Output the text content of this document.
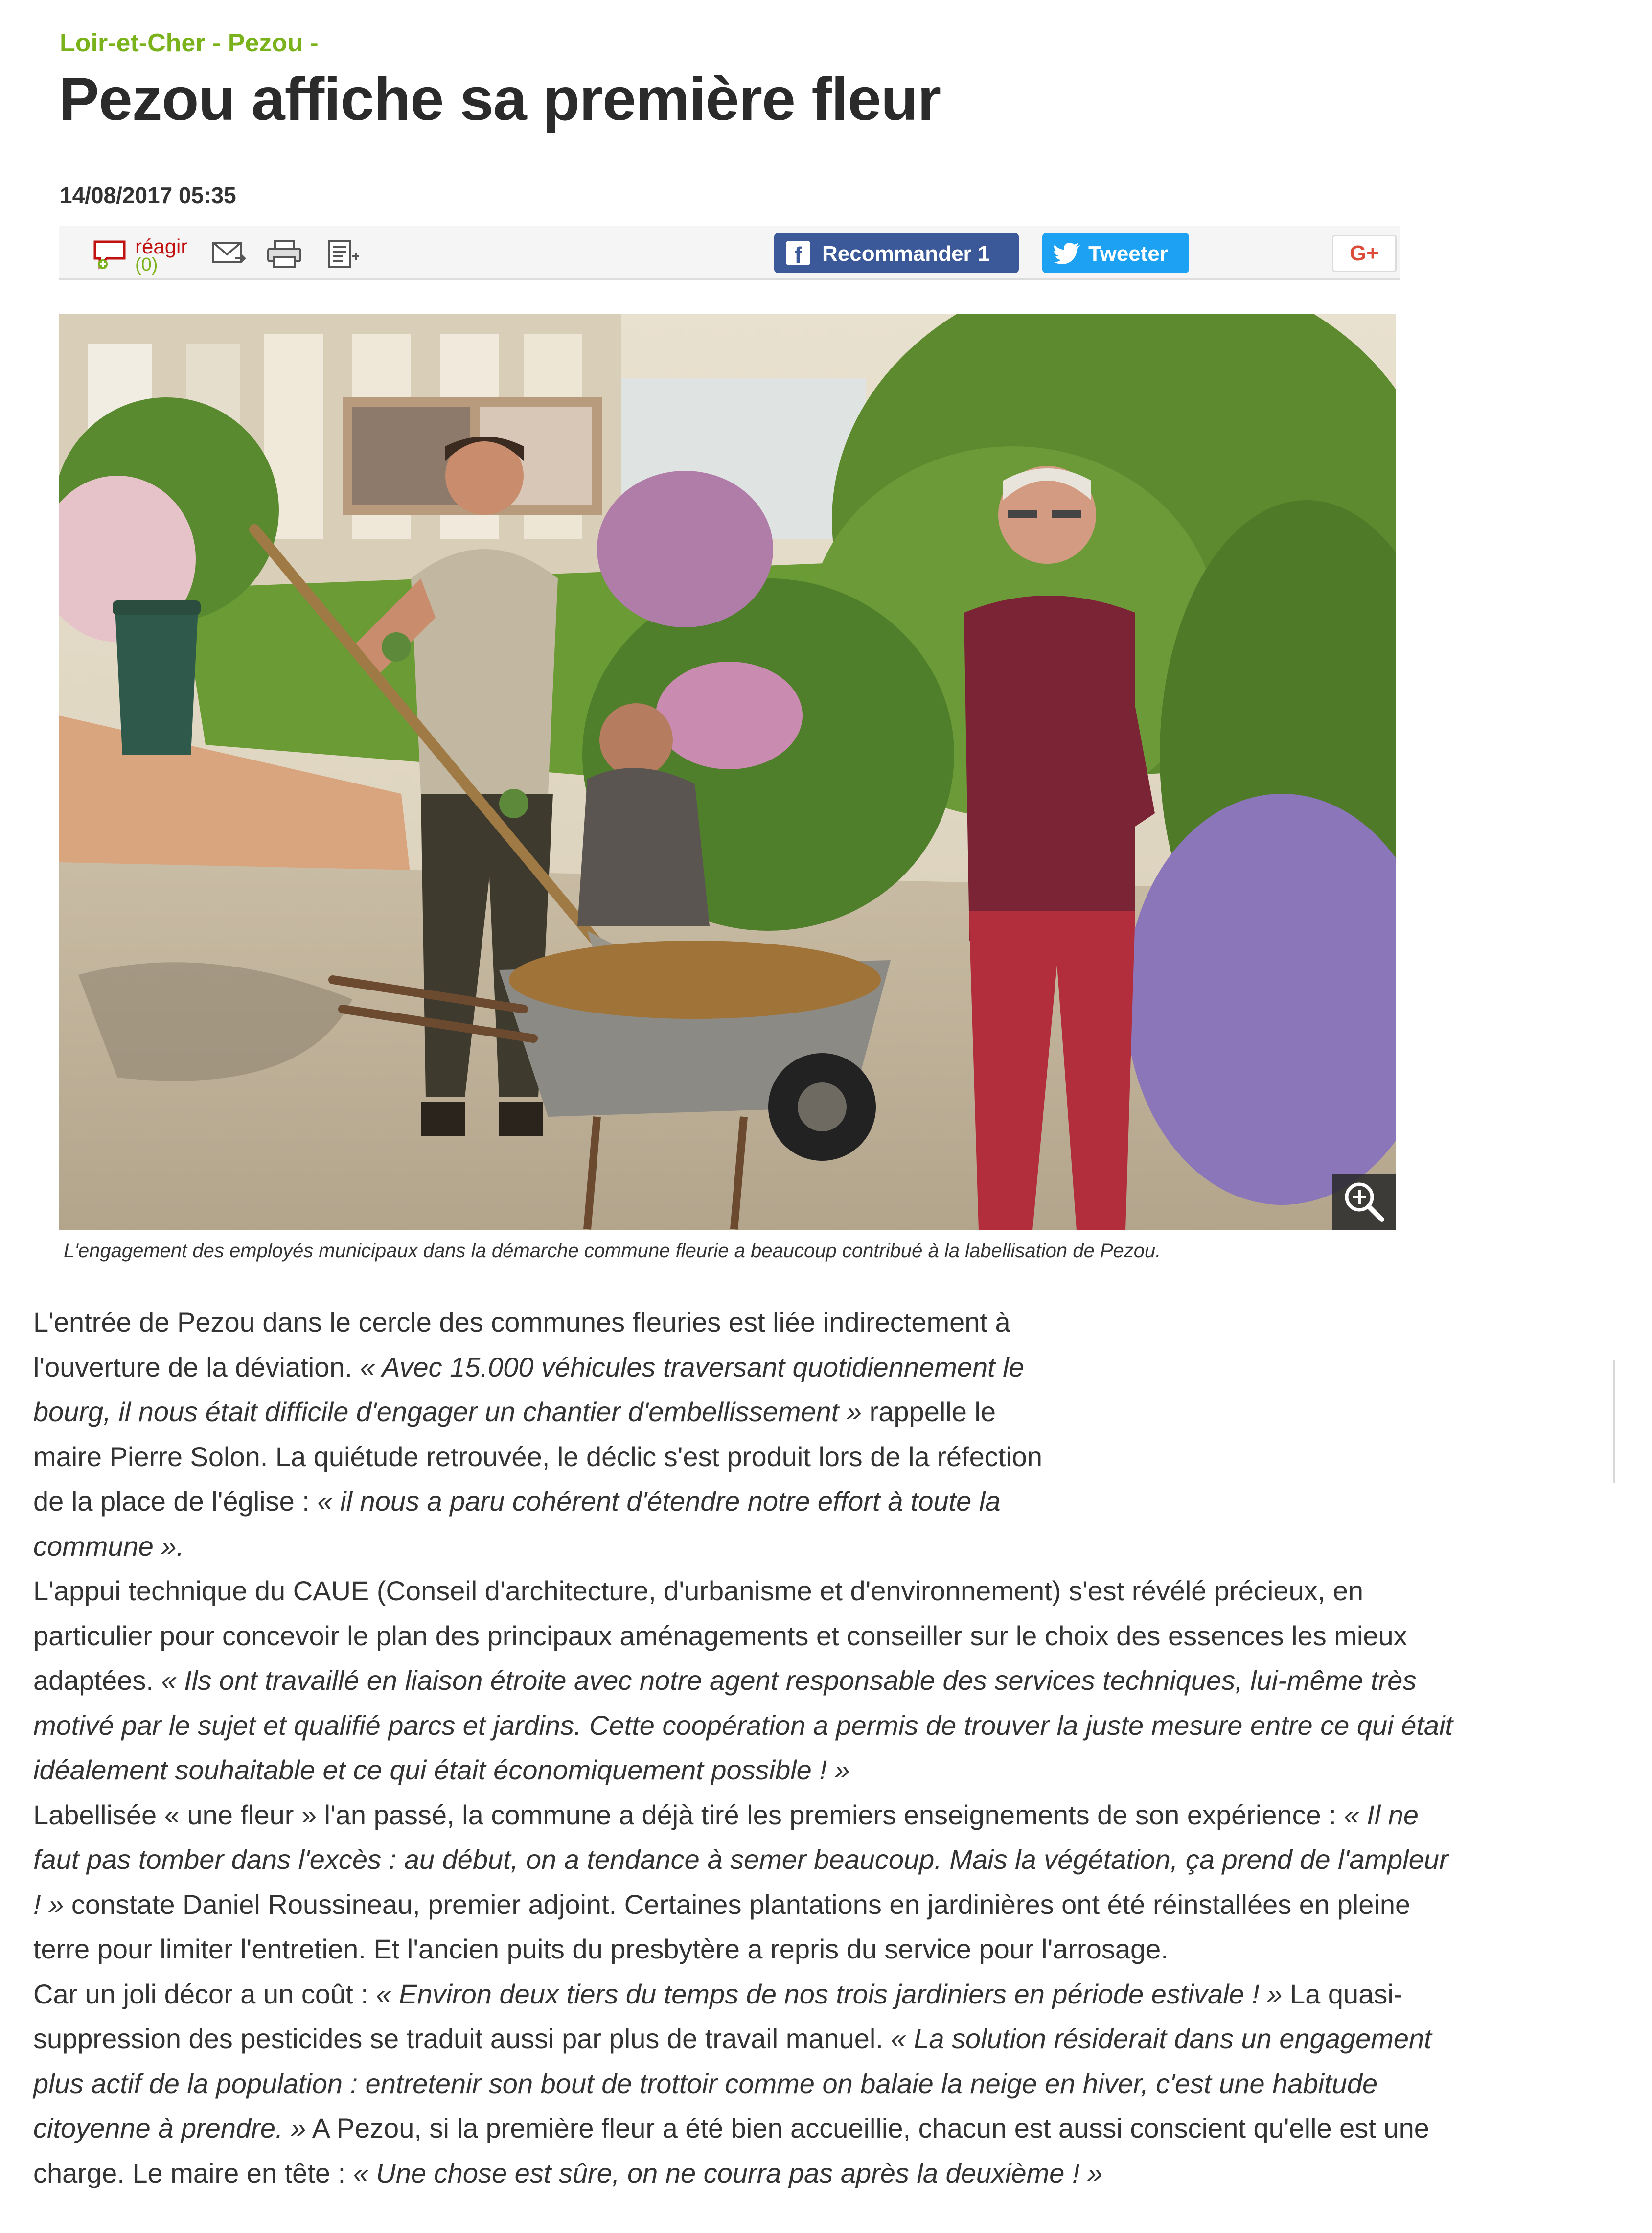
Loir-et-Cher - Pezou -
Pezou affiche sa première fleur
14/08/2017 05:35
réagir
(0)	f Recommander 1	Tweeter	G+
L'engagement des employés municipaux dans la démarche commune fleurie a beaucoup contribué à la labellisation de Pezou.
L'entrée de Pezou dans le cercle des communes fleuries est liée indirectement à
l'ouverture de la déviation. « Avec 15.000 véhicules traversant quotidiennement le
bourg, il nous était difficile d'engager un chantier d'embellissement » rappelle le
maire Pierre Solon. La quiétude retrouvée, le déclic s'est produit lors de la réfection
de la place de l'église : « il nous a paru cohérent d'étendre notre effort à toute la
commune ».
L'appui technique du CAUE (Conseil d'architecture, d'urbanisme et d'environnement) s'est révélé précieux, en
particulier pour concevoir le plan des principaux aménagements et conseiller sur le choix des essences les mieux
adaptées. « Ils ont travaillé en liaison étroite avec notre agent responsable des services techniques, lui-même très
motivé par le sujet et qualifié parcs et jardins. Cette coopération a permis de trouver la juste mesure entre ce qui était
idéalement souhaitable et ce qui était économiquement possible ! »
Labellisée « une fleur » l'an passé, la commune a déjà tiré les premiers enseignements de son expérience : « Il ne
faut pas tomber dans l'excès : au début, on a tendance à semer beaucoup. Mais la végétation, ça prend de l'ampleur
! » constate Daniel Roussineau, premier adjoint. Certaines plantations en jardinières ont été réinstallées en pleine
terre pour limiter l'entretien. Et l'ancien puits du presbytère a repris du service pour l'arrosage.
Car un joli décor a un coût : « Environ deux tiers du temps de nos trois jardiniers en période estivale ! » La quasi-
suppression des pesticides se traduit aussi par plus de travail manuel. « La solution résiderait dans un engagement
plus actif de la population : entretenir son bout de trottoir comme on balaie la neige en hiver, c'est une habitude
citoyenne à prendre. » A Pezou, si la première fleur a été bien accueillie, chacun est aussi conscient qu'elle est une
charge. Le maire en tête : « Une chose est sûre, on ne courra pas après la deuxième ! »
